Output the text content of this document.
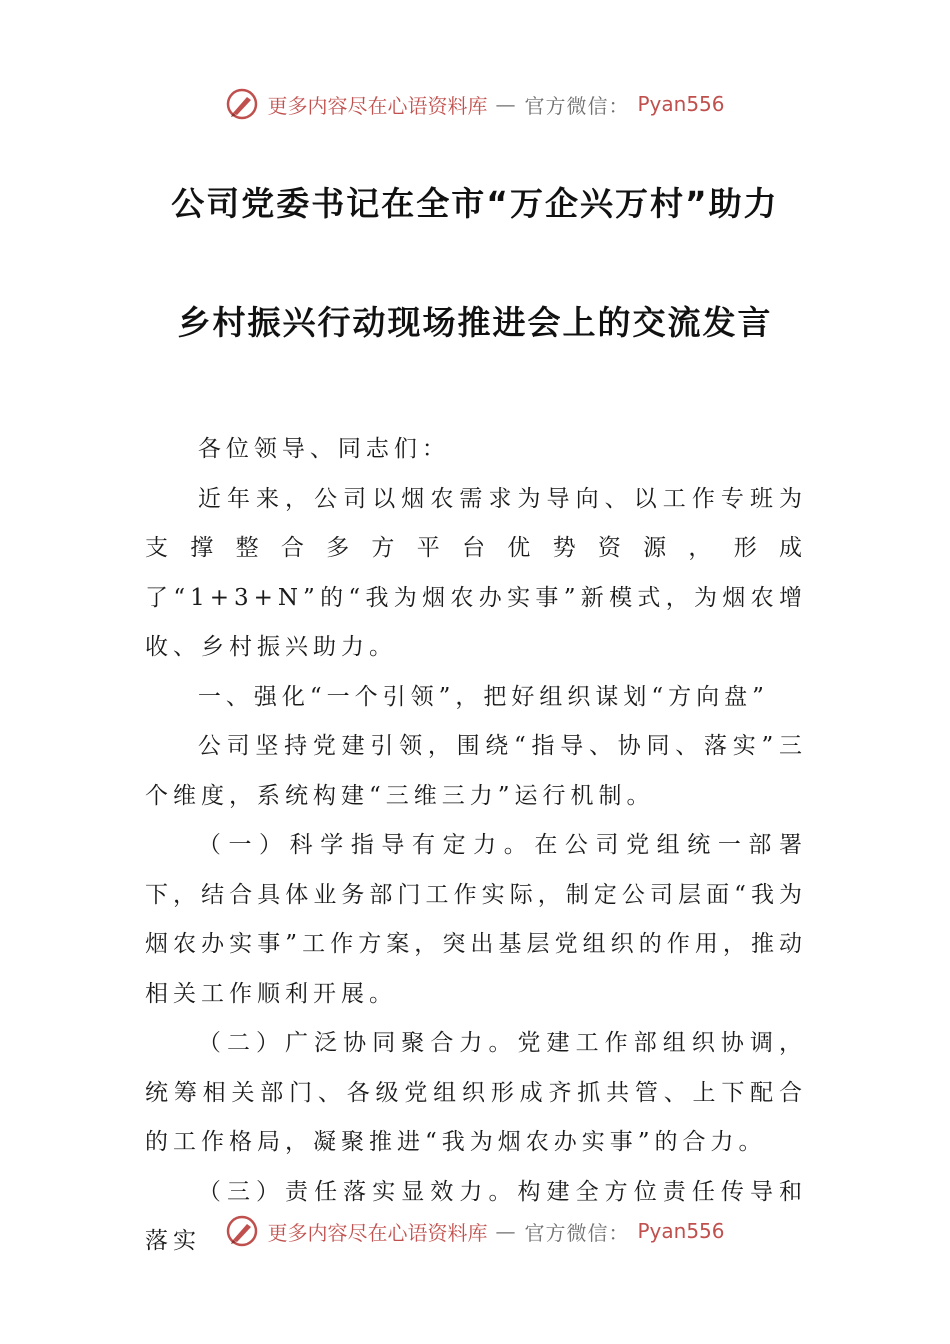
更多内容尽在心语资料库 — 官方微信： Pyan556
公司党委书记在全市“万企兴万村”助力
乡村振兴行动现场推进会上的交流发言

各位领导、同志们：

近年来，公司以烟农需求为导向、以工作专班为支撑整合多方平台优势资源，形成了“1+3+N”的“我为烟农办实事”新模式，为烟农增收、乡村振兴助力。

一、强化“一个引领”，把好组织谋划“方向盘”

公司坚持党建引领，围绕“指导、协同、落实”三个维度，系统构建“三维三力”运行机制。

（一）科学指导有定力。在公司党组统一部署下，结合具体业务部门工作实际，制定公司层面“我为烟农办实事”工作方案，突出基层党组织的作用，推动相关工作顺利开展。

（二）广泛协同聚合力。党建工作部组织协调，统筹相关部门、各级党组织形成齐抓共管、上下配合的工作格局，凝聚推进“我为烟农办实事”的合力。

（三）责任落实显效力。构建全方位责任传导和落实	更多内容尽在心语资料库 — 官方微信： Pyan556
